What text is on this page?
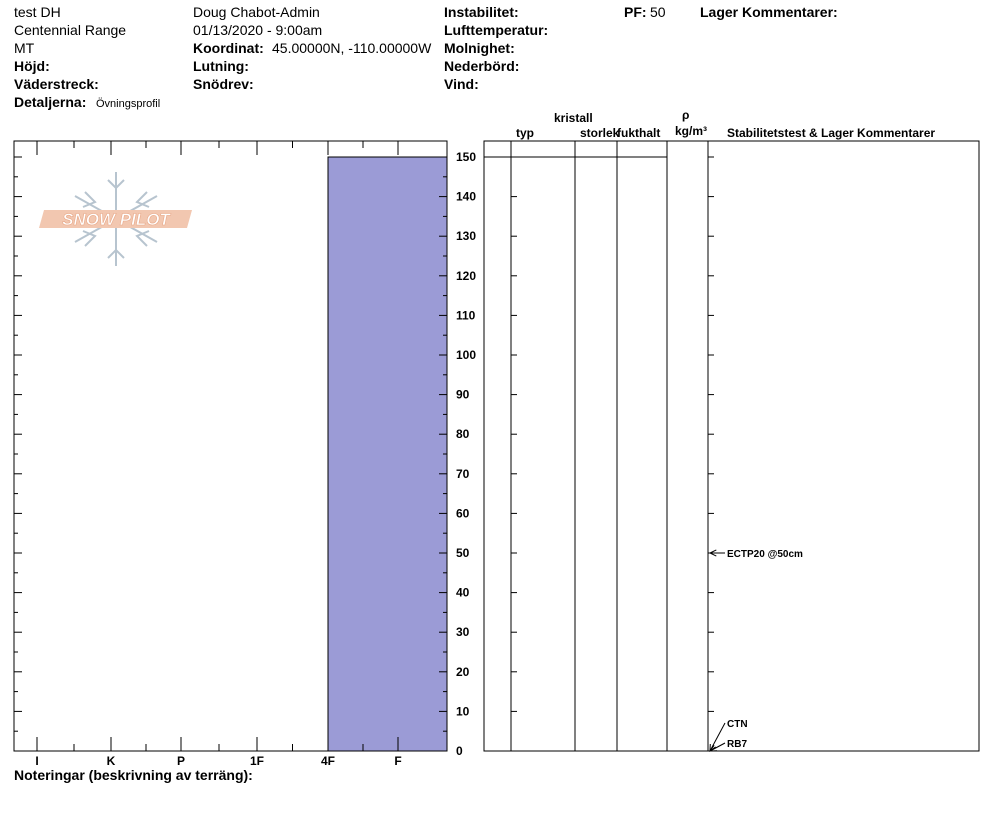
test DH
Centennial Range
MT
Höjd:
Väderstreck:
Detaljerna: Övningsprofil
Doug Chabot-Admin
01/13/2020 - 9:00am
Koordinat: 45.00000N, -110.00000W
Lutning:
Snödrev:
Instabilitet:
Lufttemperatur:
Molnighet:
Nederbörd:
Vind:
PF: 50 Lager Kommentarer:
typ
kristall
storlek
fukthalt
ρ
kg/m³ Stabilitetstest & Lager Kommentarer
SNOW PILOT
I	K	P	1F	4F	F
0
10
20
30
40
50
60
70
80
90
100
110
120
130
140
150
ECTP20 @50cm
CTN
RB7
Noteringar (beskrivning av terräng):
